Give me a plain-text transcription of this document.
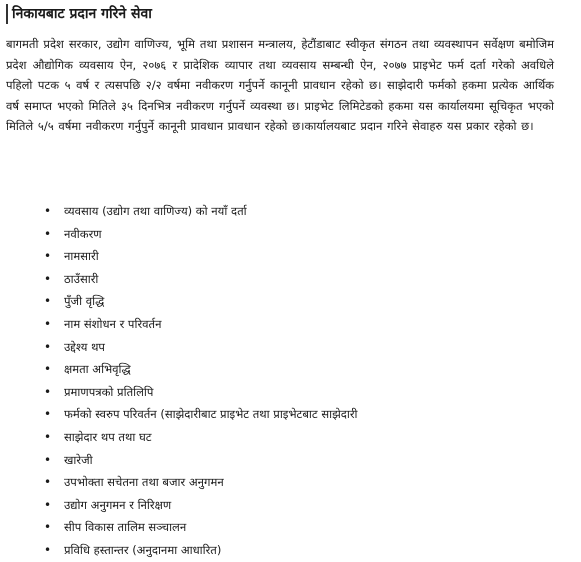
निकायबाट प्रदान गरिने सेवा
बागमती प्रदेश सरकार, उद्योग वाणिज्य, भूमि तथा प्रशासन मन्त्रालय, हेटौंडाबाट स्वीकृत संगठन तथा व्यवस्थापन सर्वेक्षण बमोजिम प्रदेश औद्योगिक व्यवसाय ऐन, २०७६ र प्रादेशिक व्यापार तथा व्यवसाय सम्बन्धी ऐन, २०७७ प्राइभेट फर्म दर्ता गरेको अवधिले पहिलो पटक ५ वर्ष र त्यसपछि २/२ वर्षमा नवीकरण गर्नुपर्ने कानूनी प्रावधान रहेको छ। साझेदारी फर्मको हकमा प्रत्येक आर्थिक वर्ष समाप्त भएको मितिले ३५ दिनभित्र नवीकरण गर्नुपर्ने व्यवस्था छ। प्राइभेट लिमिटेडको हकमा यस कार्यालयमा सूचिकृत भएको मितिले ५/५ वर्षमा नवीकरण गर्नुपुर्ने कानूनी प्रावधान प्रावधान रहेको छ।कार्यालयबाट प्रदान गरिने सेवाहरु यस प्रकार रहेको छ।
• व्यवसाय (उद्योग तथा वाणिज्य) को नयाँ दर्ता
• नवीकरण
• नामसारी
• ठाउँसारी
• पुँजी वृद्धि
• नाम संशोधन र परिवर्तन
• उद्देश्य थप
• क्षमता अभिवृद्धि
• प्रमाणपत्रको प्रतिलिपि
• फर्मको स्वरुप परिवर्तन (साझेदारीबाट प्राइभेट तथा प्राइभेटबाट साझेदारी
• साझेदार थप तथा घट
• खारेजी
• उपभोक्ता सचेतना तथा बजार अनुगमन
• उद्योग अनुगमन र निरिक्षण
• सीप विकास तालिम सञ्चालन
• प्रविधि हस्तान्तर (अनुदानमा आधारित)
